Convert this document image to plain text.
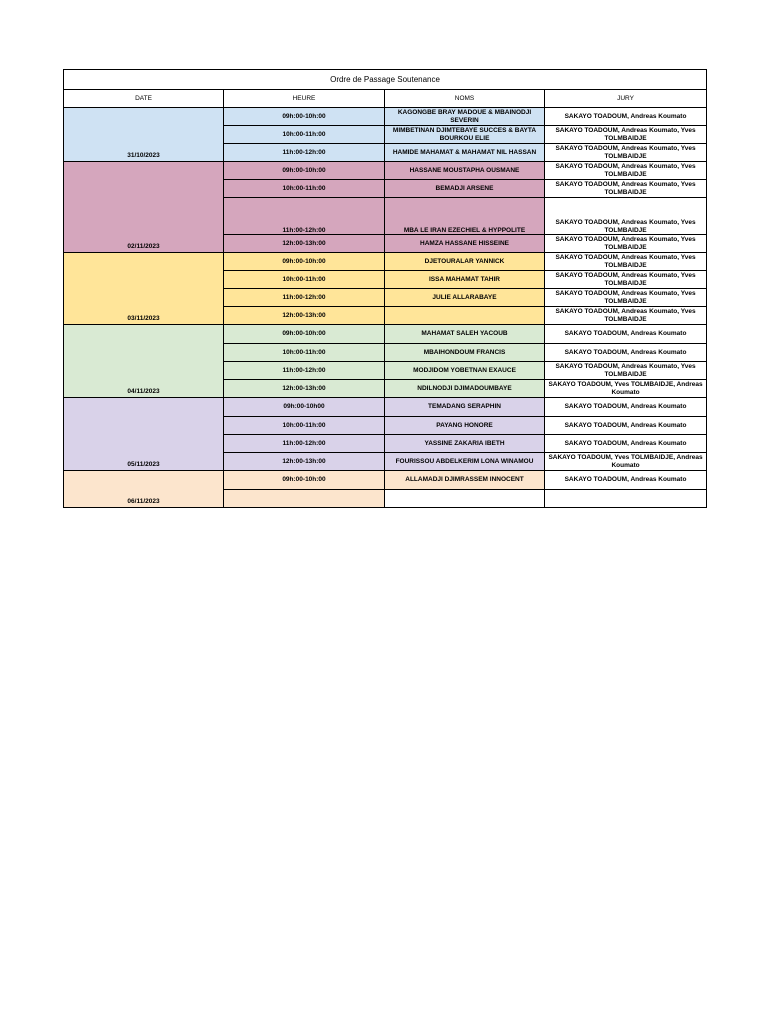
Ordre de Passage Soutenance			
DATE	HEURE	NOMS	JURY
31/10/2023	09h:00-10h:00	KAGONGBE BRAY MADOUE & MBAINODJI SEVERIN	SAKAYO TOADOUM, Andreas Koumato
	10h:00-11h:00	MIMBETINAN DJIMTEBAYE SUCCES & BAYTA BOURKOU ELIE	SAKAYO TOADOUM, Andreas Koumato, Yves TOLMBAIDJE
	11h:00-12h:00	HAMIDE MAHAMAT & MAHAMAT NIL HASSAN	SAKAYO TOADOUM, Andreas Koumato, Yves TOLMBAIDJE
02/11/2023	09h:00-10h:00	HASSANE MOUSTAPHA OUSMANE	SAKAYO TOADOUM, Andreas Koumato, Yves TOLMBAIDJE
	10h:00-11h:00	BEMADJI ARSENE	SAKAYO TOADOUM, Andreas Koumato, Yves TOLMBAIDJE
	11h:00-12h:00	MBA LE IRAN EZECHIEL & HYPPOLITE	SAKAYO TOADOUM, Andreas Koumato, Yves TOLMBAIDJE
	12h:00-13h:00	HAMZA HASSANE HISSEINE	SAKAYO TOADOUM, Andreas Koumato, Yves TOLMBAIDJE
03/11/2023	09h:00-10h:00	DJETOURALAR YANNICK	SAKAYO TOADOUM, Andreas Koumato, Yves TOLMBAIDJE
	10h:00-11h:00	ISSA MAHAMAT TAHIR	SAKAYO TOADOUM, Andreas Koumato, Yves TOLMBAIDJE
	11h:00-12h:00	JULIE ALLARABAYE	SAKAYO TOADOUM, Andreas Koumato, Yves TOLMBAIDJE
	12h:00-13h:00		SAKAYO TOADOUM, Andreas Koumato, Yves TOLMBAIDJE
04/11/2023	09h:00-10h:00	MAHAMAT SALEH YACOUB	SAKAYO TOADOUM, Andreas Koumato
	10h:00-11h:00	MBAIHONDOUM FRANCIS	SAKAYO TOADOUM, Andreas Koumato
	11h:00-12h:00	MODJIDOM YOBETNAN EXAUCE	SAKAYO TOADOUM, Andreas Koumato, Yves TOLMBAIDJE
	12h:00-13h:00	NDILNODJI DJIMADOUMBAYE	SAKAYO TOADOUM, Yves TOLMBAIDJE, Andreas Koumato
05/11/2023	09h:00-10h00	TEMADANG SERAPHIN	SAKAYO TOADOUM, Andreas Koumato
	10h:00-11h:00	PAYANG HONORE	SAKAYO TOADOUM, Andreas Koumato
	11h:00-12h:00	YASSINE ZAKARIA IBETH	SAKAYO TOADOUM, Andreas Koumato
	12h:00-13h:00	FOURISSOU ABDELKERIM LONA WINAMOU	SAKAYO TOADOUM, Yves TOLMBAIDJE, Andreas Koumato
06/11/2023	09h:00-10h:00	ALLAMADJI DJIMRASSEM INNOCENT	SAKAYO TOADOUM, Andreas Koumato
